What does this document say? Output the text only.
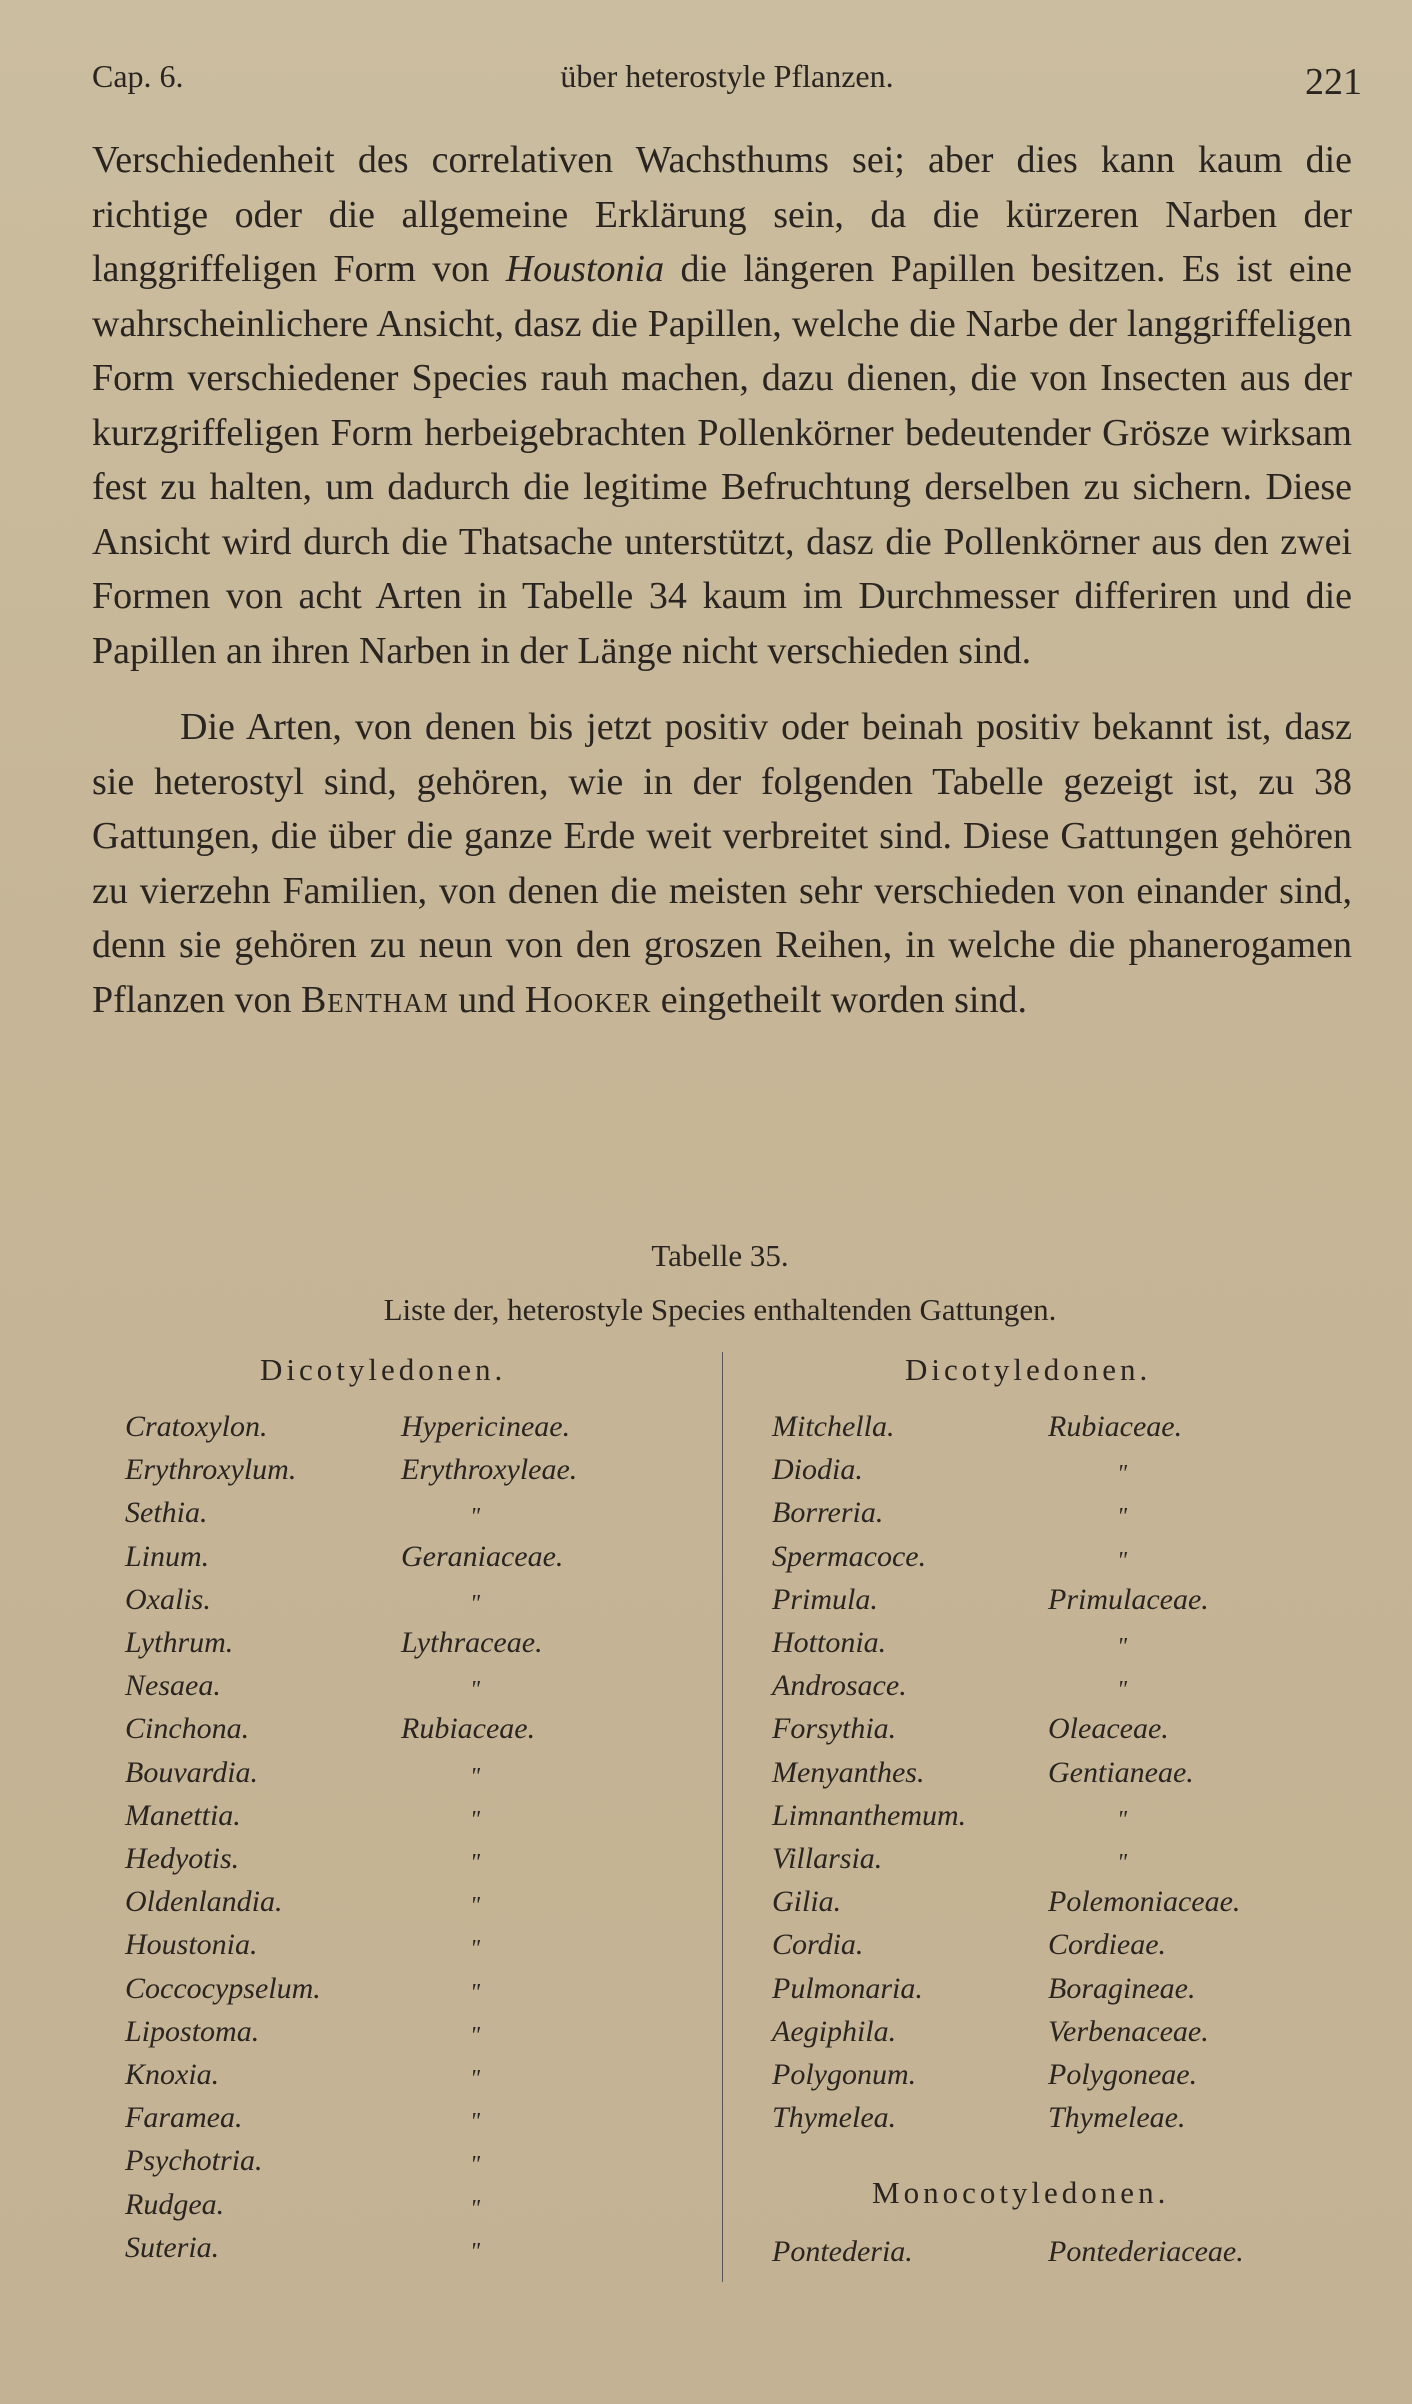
Cap. 6.	über heterostyle Pflanzen.	221

Verschiedenheit des correlativen Wachsthums sei; aber dies kann kaum die richtige oder die allgemeine Erklärung sein, da die kürzeren Narben der langgriffeligen Form von Houstonia die längeren Papillen besitzen. Es ist eine wahrscheinlichere Ansicht, dasz die Papillen, welche die Narbe der langgriffeligen Form verschiedener Species rauh machen, dazu dienen, die von Insecten aus der kurzgriffeligen Form herbeigebrachten Pollenkörner bedeutender Grösze wirksam fest zu halten, um dadurch die legitime Befruchtung derselben zu sichern. Diese Ansicht wird durch die Thatsache unterstützt, dasz die Pollenkörner aus den zwei Formen von acht Arten in Tabelle 34 kaum im Durchmesser differiren und die Papillen an ihren Narben in der Länge nicht verschieden sind.

Die Arten, von denen bis jetzt positiv oder beinah positiv bekannt ist, dasz sie heterostyl sind, gehören, wie in der folgenden Tabelle gezeigt ist, zu 38 Gattungen, die über die ganze Erde weit verbreitet sind. Diese Gattungen gehören zu vierzehn Familien, von denen die meisten sehr verschieden von einander sind, denn sie gehören zu neun von den groszen Reihen, in welche die phanerogamen Pflanzen von Bentham und Hooker eingetheilt worden sind.

Tabelle 35.
Liste der, heterostyle Species enthaltenden Gattungen.
Dicotyledonen.	Dicotyledonen.
Cratoxylon.	Hypericineae.
Erythroxylum.	Erythroxyleae.
Sethia.	"
Linum.	Geraniaceae.
Oxalis.	"
Lythrum.	Lythraceae.
Nesaea.	"
Cinchona.	Rubiaceae.
Bouvardia.	"
Manettia.	"
Hedyotis.	"
Oldenlandia.	"
Houstonia.	"
Coccocypselum.	"
Lipostoma.	"
Knoxia.	"
Faramea.	"
Psychotria.	"
Rudgea.	"
Suteria.	"
Mitchella.	Rubiaceae.
Diodia.	"
Borreria.	"
Spermacoce.	"
Primula.	Primulaceae.
Hottonia.	"
Androsace.	"
Forsythia.	Oleaceae.
Menyanthes.	Gentianeae.
Limnanthemum.	"
Villarsia.	"
Gilia.	Polemoniaceae.
Cordia.	Cordieae.
Pulmonaria.	Boragineae.
Aegiphila.	Verbenaceae.
Polygonum.	Polygoneae.
Thymelea.	Thymeleae.
Monocotyledonen.
Pontederia.	Pontederiaceae.
